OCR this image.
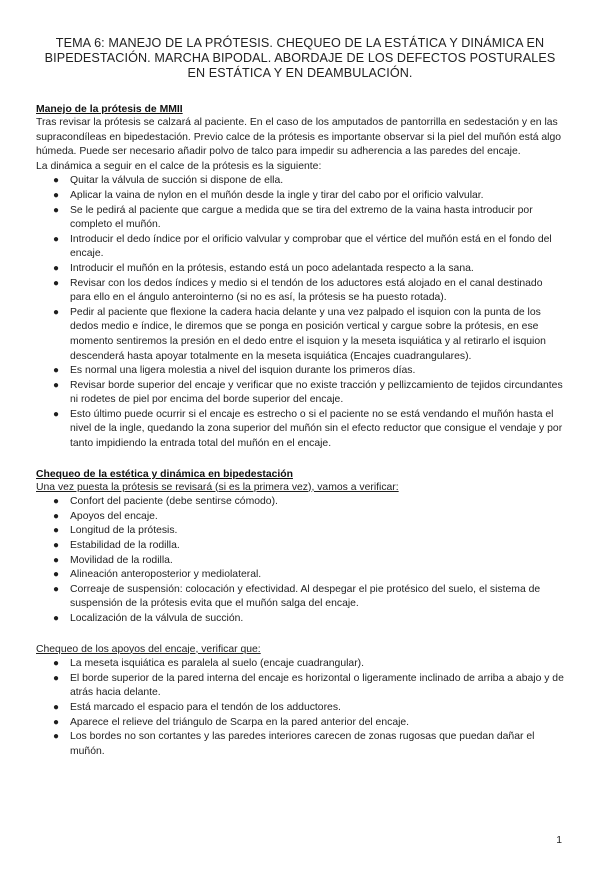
TEMA 6: MANEJO DE LA PRÓTESIS. CHEQUEO DE LA ESTÁTICA Y DINÁMICA EN BIPEDESTACIÓN. MARCHA BIPODAL. ABORDAJE DE LOS DEFECTOS POSTURALES EN ESTÁTICA Y EN DEAMBULACIÓN.
Manejo de la prótesis de MMII

Tras revisar la prótesis se calzará al paciente. En el caso de los amputados de pantorrilla en sedestación y en las supracondíleas en bipedestación. Previo calce de la prótesis es importante observar si la piel del muñón está algo húmeda. Puede ser necesario añadir polvo de talco para impedir su adherencia a las paredes del encaje.

La dinámica a seguir en el calce de la prótesis es la siguiente:

● Quitar la válvula de succión si dispone de ella.
● Aplicar la vaina de nylon en el muñón desde la ingle y tirar del cabo por el orificio valvular.
● Se le pedirá al paciente que cargue a medida que se tira del extremo de la vaina hasta introducir por completo el muñón.
● Introducir el dedo índice por el orificio valvular y comprobar que el vértice del muñón está en el fondo del encaje.
● Introducir el muñón en la prótesis, estando está un poco adelantada respecto a la sana.
● Revisar con los dedos índices y medio si el tendón de los aductores está alojado en el canal destinado para ello en el ángulo anterointerno (si no es así, la prótesis se ha puesto rotada).
● Pedir al paciente que flexione la cadera hacia delante y una vez palpado el isquion con la punta de los dedos medio e índice, le diremos que se ponga en posición vertical y cargue sobre la prótesis, en ese momento sentiremos la presión en el dedo entre el isquion y la meseta isquiática y al retirarlo el isquion descenderá hasta apoyar totalmente en la meseta isquiática (Encajes cuadrangulares).
● Es normal una ligera molestia a nivel del isquion durante los primeros días.
● Revisar borde superior del encaje y verificar que no existe tracción y pellizcamiento de tejidos circundantes ni rodetes de piel por encima del borde superior del encaje.
● Esto último puede ocurrir si el encaje es estrecho o si el paciente no se está vendando el muñón hasta el nivel de la ingle, quedando la zona superior del muñón sin el efecto reductor que consigue el vendaje y por tanto impidiendo la entrada total del muñón en el encaje.
Chequeo de la estética y dinámica en bipedestación

Una vez puesta la prótesis se revisará (si es la primera vez), vamos a verificar:

● Confort del paciente (debe sentirse cómodo).
● Apoyos del encaje.
● Longitud de la prótesis.
● Estabilidad de la rodilla.
● Movilidad de la rodilla.
● Alineación anteroposterior y mediolateral.
● Correaje de suspensión: colocación y efectividad. Al despegar el pie protésico del suelo, el sistema de suspensión de la prótesis evita que el muñón salga del encaje.
● Localización de la válvula de succión.

Chequeo de los apoyos del encaje, verificar que:

● La meseta isquiática es paralela al suelo (encaje cuadrangular).
● El borde superior de la pared interna del encaje es horizontal o ligeramente inclinado de arriba a abajo y de atrás hacia delante.
● Está marcado el espacio para el tendón de los adductores.
● Aparece el relieve del triángulo de Scarpa en la pared anterior del encaje.
● Los bordes no son cortantes y las paredes interiores carecen de zonas rugosas que puedan dañar el muñón.
1
